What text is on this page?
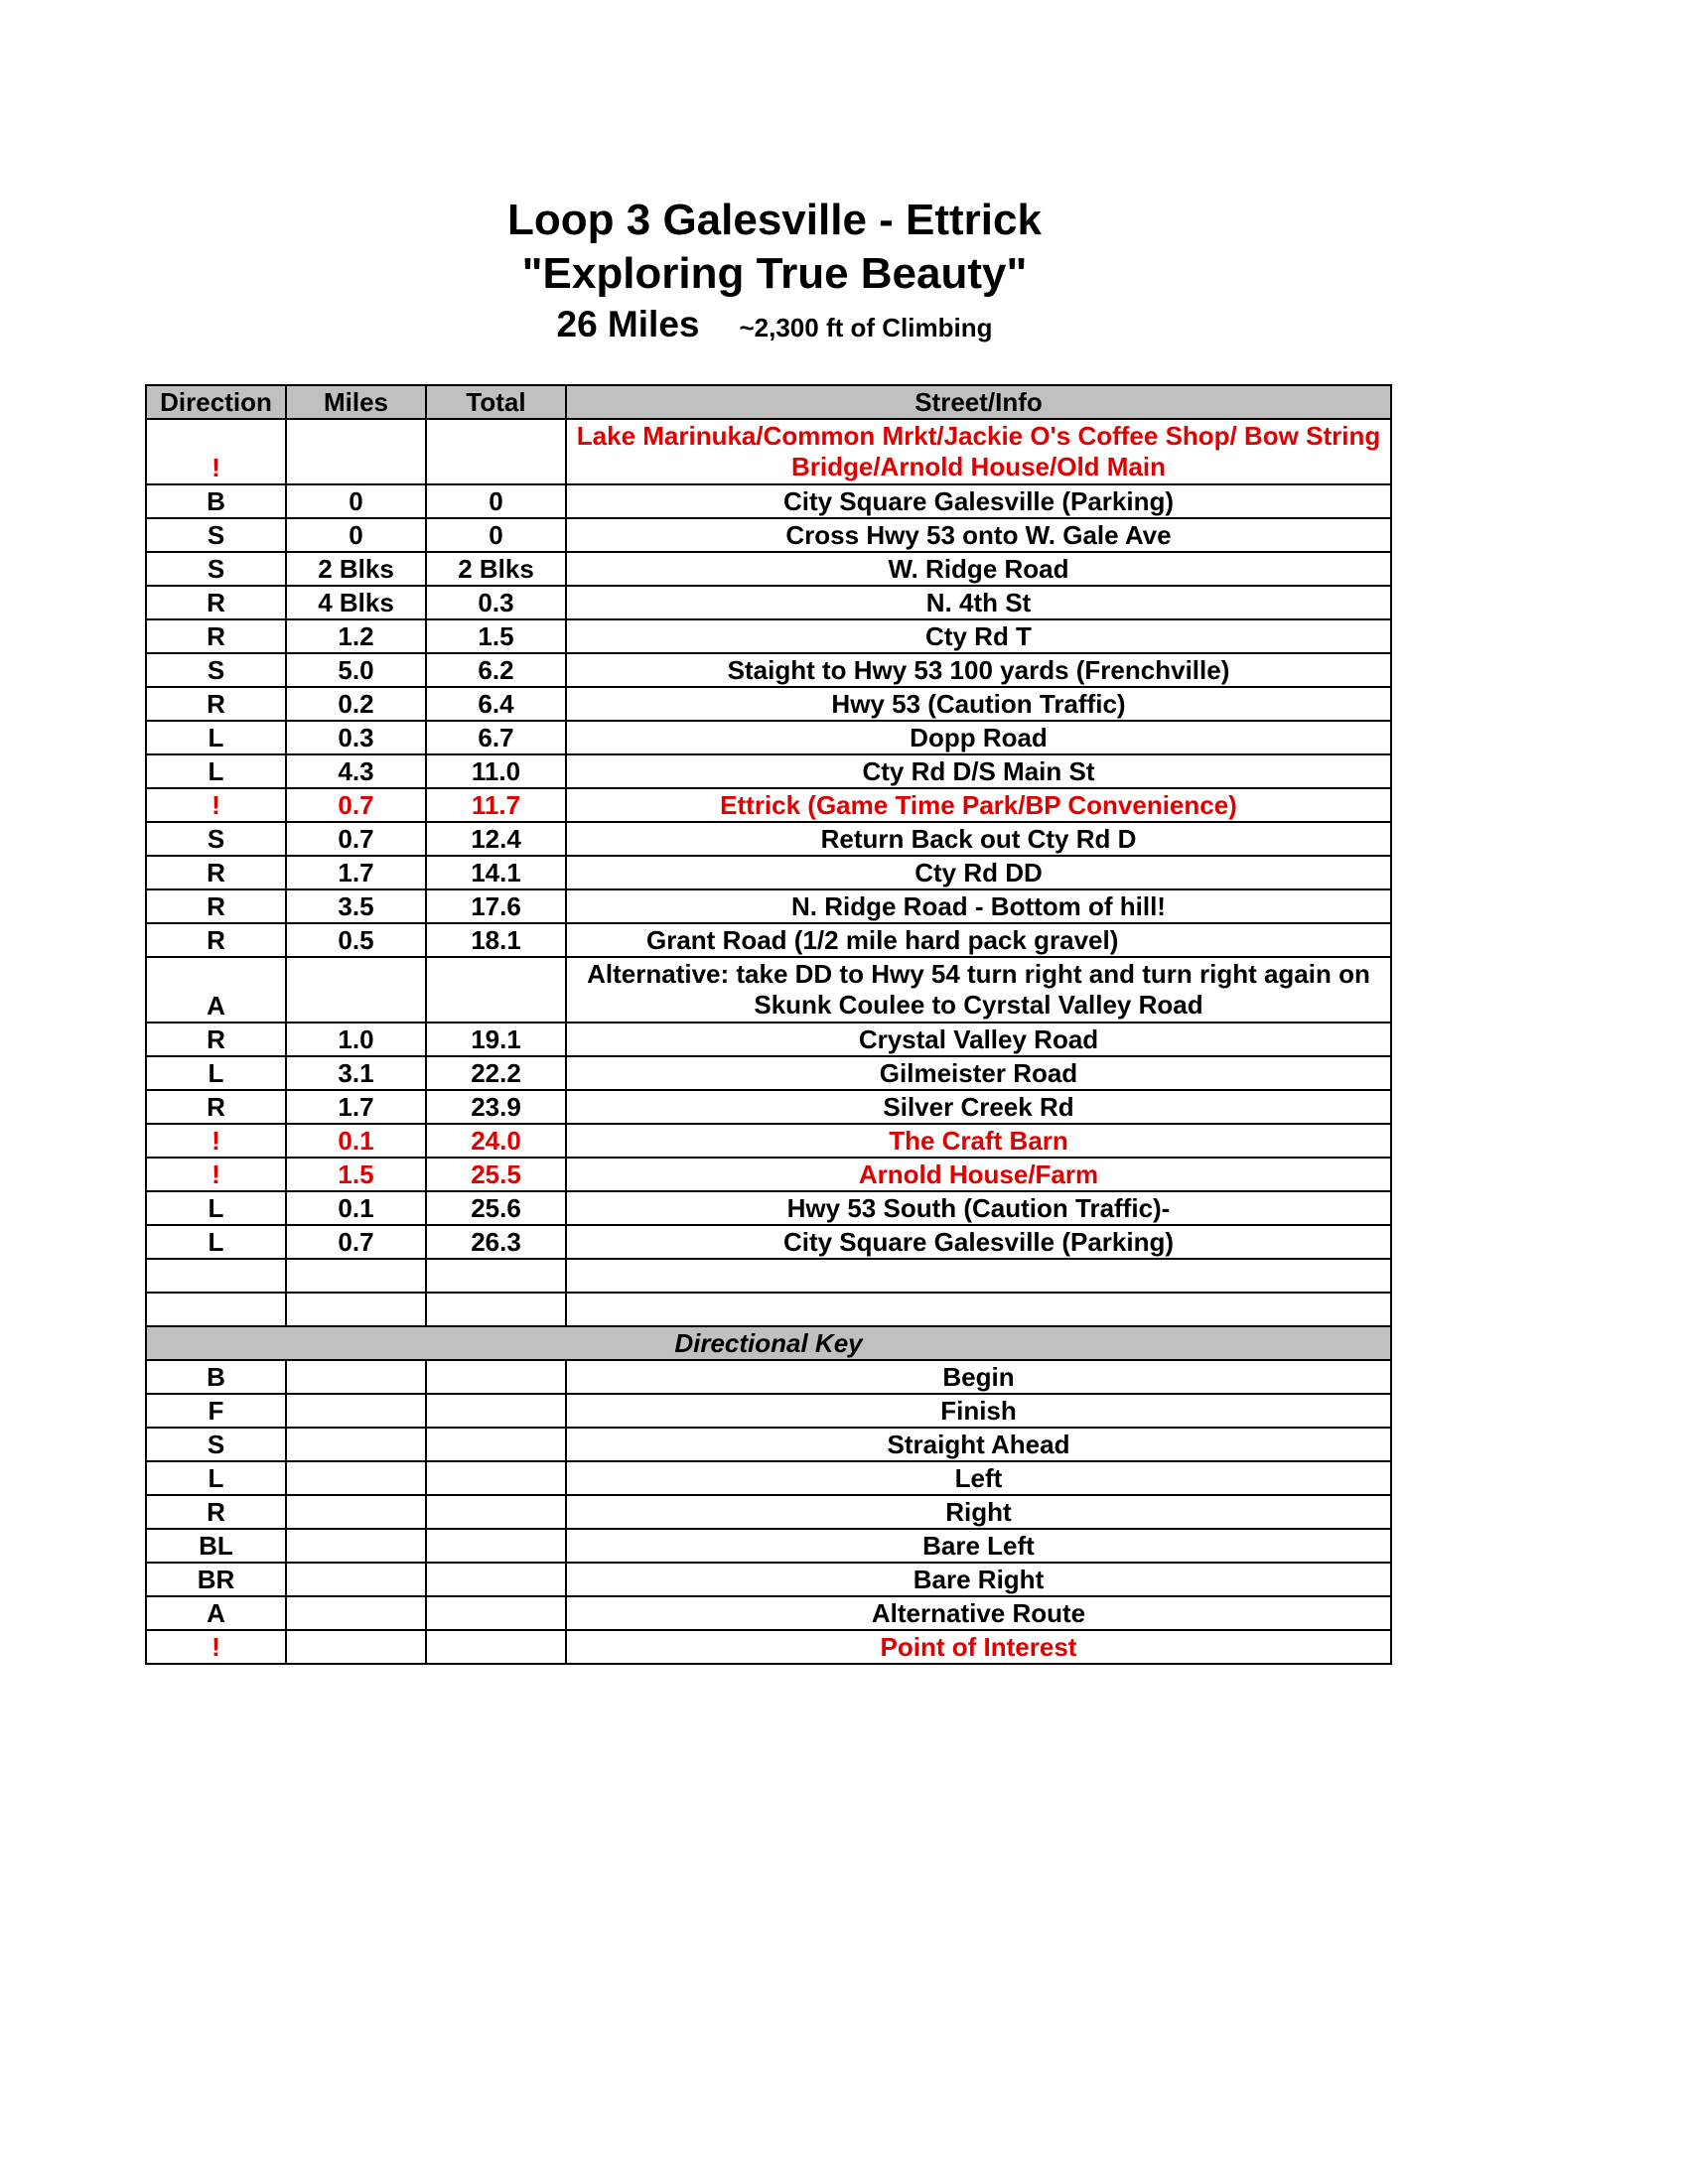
Loop 3 Galesville - Ettrick
"Exploring True Beauty"
26 Miles ~2,300 ft of Climbing
Direction	Miles	Total	Street/Info
!			Lake Marinuka/Common Mrkt/Jackie O's Coffee Shop/ Bow String Bridge/Arnold House/Old Main
B	0	0	City Square Galesville (Parking)
S	0	0	Cross Hwy 53 onto W. Gale Ave
S	2 Blks	2 Blks	W. Ridge Road
R	4 Blks	0.3	N. 4th St
R	1.2	1.5	Cty Rd T
S	5.0	6.2	Staight to Hwy 53 100 yards (Frenchville)
R	0.2	6.4	Hwy 53 (Caution Traffic)
L	0.3	6.7	Dopp Road
L	4.3	11.0	Cty Rd D/S Main St
!	0.7	11.7	Ettrick (Game Time Park/BP Convenience)
S	0.7	12.4	Return Back out Cty Rd D
R	1.7	14.1	Cty Rd DD
R	3.5	17.6	N. Ridge Road - Bottom of hill!
R	0.5	18.1	Grant Road (1/2 mile hard pack gravel)
A			Alternative: take DD to Hwy 54 turn right and turn right again on Skunk Coulee to Cyrstal Valley Road
R	1.0	19.1	Crystal Valley Road
L	3.1	22.2	Gilmeister Road
R	1.7	23.9	Silver Creek Rd
!	0.1	24.0	The Craft Barn
!	1.5	25.5	Arnold House/Farm
L	0.1	25.6	Hwy 53 South (Caution Traffic)-
L	0.7	26.3	City Square Galesville (Parking)

Directional Key			
B			Begin
F			Finish
S			Straight Ahead
L			Left
R			Right
BL			Bare Left
BR			Bare Right
A			Alternative Route
!			Point of Interest
